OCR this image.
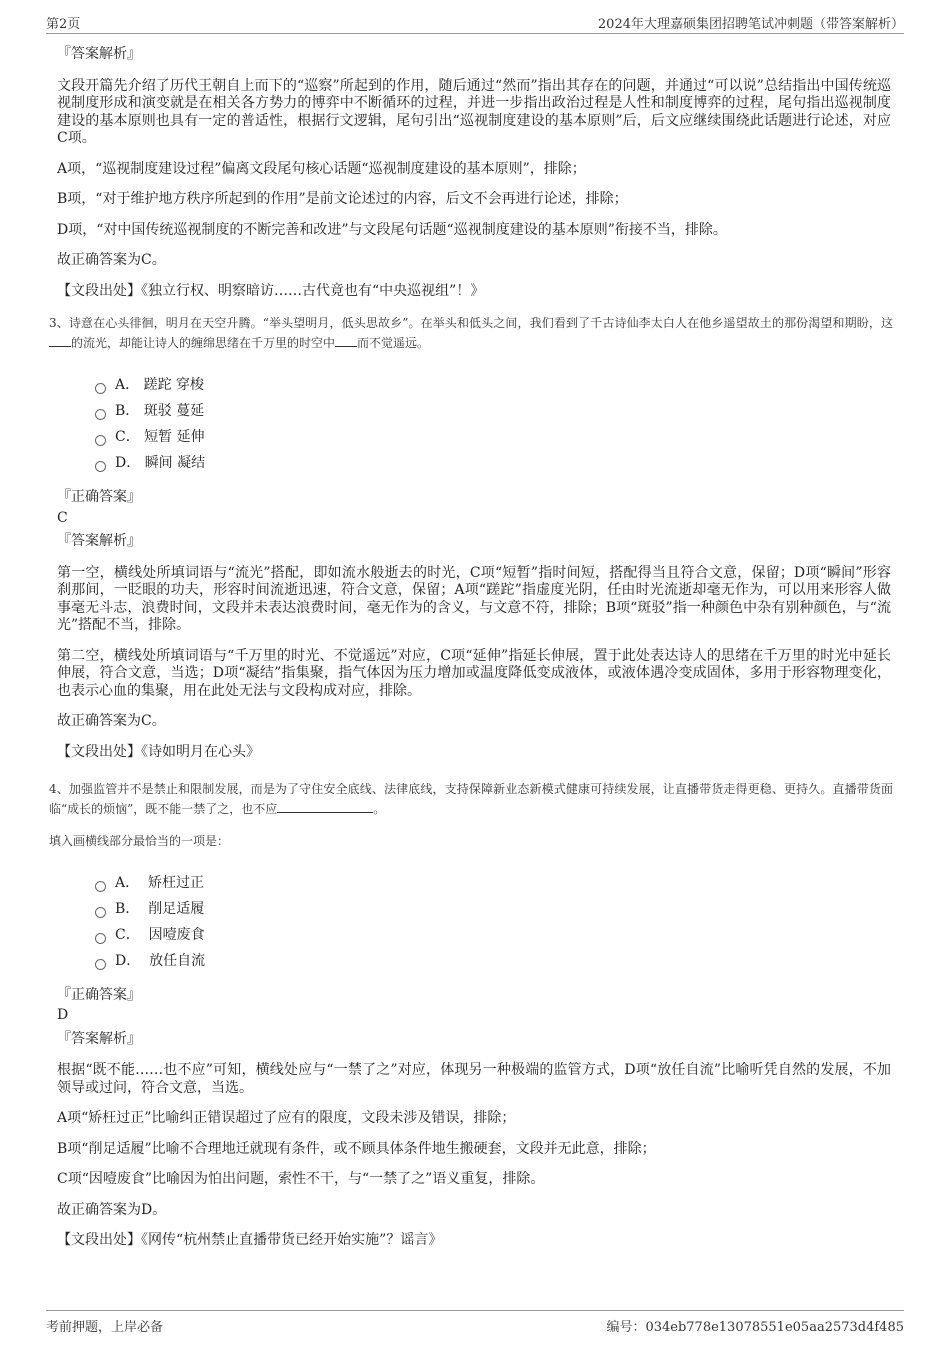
第2页	2024年大理嘉硕集团招聘笔试冲刺题（带答案解析）
『答案解析』

文段开篇先介绍了历代王朝自上而下的“巡察”所起到的作用，随后通过“然而”指出其存在的问题，并通过“可以说”总结指出中国传统巡视制度形成和演变就是在相关各方势力的博弈中不断循环的过程，并进一步指出政治过程是人性和制度博弈的过程，尾句指出巡视制度建设的基本原则也具有一定的普适性，根据行文逻辑，尾句引出“巡视制度建设的基本原则”后，后文应继续围绕此话题进行论述，对应C项。

A项，“巡视制度建设过程”偏离文段尾句核心话题“巡视制度建设的基本原则”，排除；

B项，“对于维护地方秩序所起到的作用”是前文论述过的内容，后文不会再进行论述，排除；

D项，“对中国传统巡视制度的不断完善和改进”与文段尾句话题“巡视制度建设的基本原则”衔接不当，排除。

故正确答案为C。

【文段出处】《独立行权、明察暗访……古代竟也有“中央巡视组”！》

3、诗意在心头徘徊，明月在天空升腾。“举头望明月，低头思故乡”。在举头和低头之间，我们看到了千古诗仙李太白人在他乡遥望故土的那份渴望和期盼，这的流光，却能让诗人的缠绵思绪在千万里的时空中 而不觉遥远。
A．
蹉跎 穿梭
B．
斑驳 蔓延
C．
短暂 延伸
D．
瞬间 凝结
『正确答案』
C
『答案解析』

第一空，横线处所填词语与“流光”搭配，即如流水般逝去的时光，C项“短暂”指时间短，搭配得当且符合文意，保留；D项“瞬间”形容刹那间，一眨眼的功夫，形容时间流逝迅速，符合文意，保留；A项“蹉跎”指虚度光阴，任由时光流逝却毫无作为，可以用来形容人做事毫无斗志，浪费时间，文段并未表达浪费时间，毫无作为的含义，与文意不符，排除；B项“斑驳”指一种颜色中杂有别种颜色，与“流光”搭配不当，排除。

第二空，横线处所填词语与“千万里的时光、不觉遥远”对应，C项“延伸”指延长伸展，置于此处表达诗人的思绪在千万里的时光中延长伸展，符合文意，当选；D项“凝结”指集聚，指气体因为压力增加或温度降低变成液体，或液体遇冷变成固体，多用于形容物理变化，也表示心血的集聚，用在此处无法与文段构成对应，排除。

故正确答案为C。

【文段出处】《诗如明月在心头》

4、加强监管并不是禁止和限制发展，而是为了守住安全底线、法律底线，支持保障新业态新模式健康可持续发展，让直播带货走得更稳、更持久。直播带货面临“成长的烦恼”，既不能一禁了之，也不应	。
填入画横线部分最恰当的一项是：
A．
矫枉过正
B．
削足适履
C．
因噎废食
D．
放任自流
『正确答案』
D
『答案解析』

根据“既不能……也不应”可知，横线处应与“一禁了之”对应，体现另一种极端的监管方式，D项“放任自流”比喻听凭自然的发展，不加领导或过问，符合文意，当选。

A项“矫枉过正”比喻纠正错误超过了应有的限度，文段未涉及错误，排除；

B项“削足适履”比喻不合理地迁就现有条件，或不顾具体条件地生搬硬套，文段并无此意，排除；

C项“因噎废食”比喻因为怕出问题，索性不干，与“一禁了之”语义重复，排除。

故正确答案为D。

【文段出处】《网传“杭州禁止直播带货已经开始实施”？谣言》

考前押题，上岸必备	编号：034eb778e13078551e05aa2573d4f485
